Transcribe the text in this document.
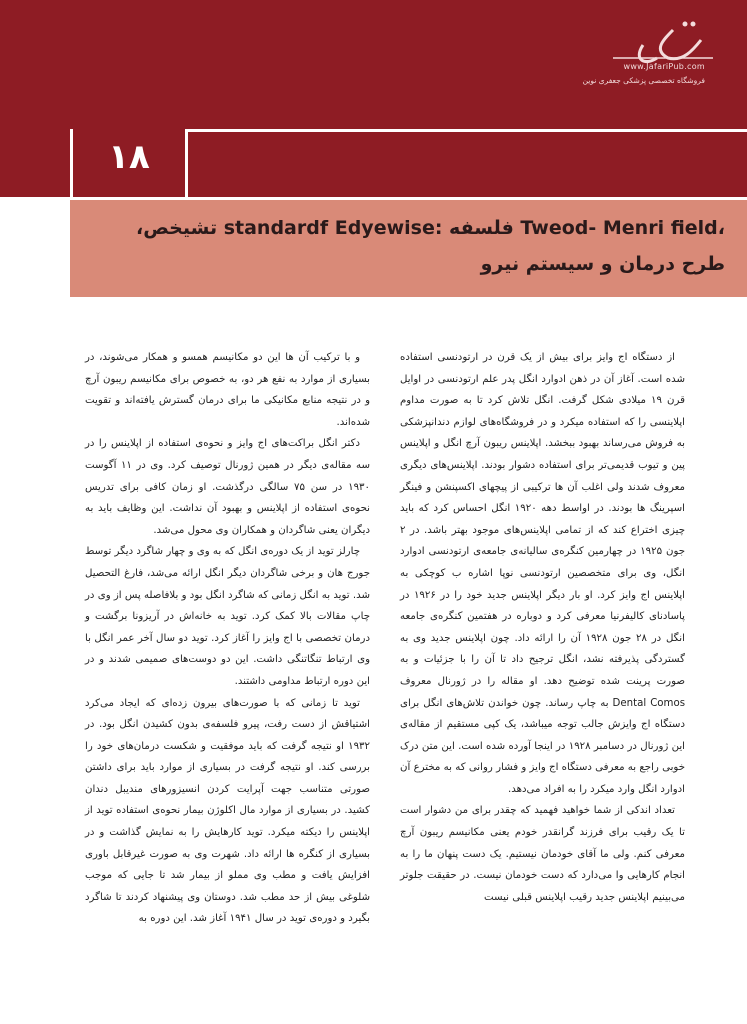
www.JafariPub.com
فروشگاه تخصصی پزشکی جعفری نوین
۱۸
،Tweod- Menri field فلسفه :standardf Edyewise تشیخص، طرح درمان و سیستم نیرو

از دستگاه اج وایز برای بیش از یک قرن در ارتودنسی استفاده شده است. آغاز آن در ذهن ادوارد انگل پدر علم ارتودنسی در اوایل قرن ۱۹ میلادی شکل گرفت. انگل تلاش کرد تا به صورت مداوم اپلاینسی را که استفاده میکرد و در فروشگاه‌های لوازم دندانپزشکی به فروش می‌رساند بهبود ببخشد. اپلاینس ریبون آرچ انگل و اپلاینس پین و تیوب قدیمی‌تر برای استفاده دشوار بودند. اپلاینس‌های دیگری معروف شدند ولی اغلب آن ها ترکیبی از پیچهای اکسپنشن و فینگر اسپرینگ ها بودند. در اواسط دهه ۱۹۲۰ انگل احساس کرد که باید چیزی اختراع کند که از تمامی اپلاینس‌های موجود بهتر باشد. در ۲ جون ۱۹۲۵ در چهارمین کنگره‌ی سالیانه‌ی جامعه‌ی ارتودنسی ادوارد انگل، وی برای متخصصین ارتودنسی نوپا اشاره ب کوچکی به اپلاینس اج وایز کرد. او بار دیگر اپلاینس جدید خود را در ۱۹۲۶ در پاسادنای کالیفرنیا معرفی کرد و دوباره در هفتمین کنگره‌ی جامعه انگل در ۲۸ جون ۱۹۲۸ آن را ارائه داد. چون اپلاینس جدید وی به گستردگی پذیرفته نشد، انگل ترجیح داد تا آن را با جزئیات و به صورت پرینت شده توضیح دهد. او مقاله را در ژورنال معروف Dental Comos به چاپ رساند. چون خواندن تلاش‌های انگل برای دستگاه اج وایزش جالب توجه میباشد، یک کپی مستقیم از مقاله‌ی این ژورنال در دسامبر ۱۹۲۸ در اینجا آورده شده است. این متن درک خوبی راجع به معرفی دستگاه اج وایز و فشار روانی که به مخترع آن ادوارد انگل وارد میکرد را به افراد می‌دهد.

تعداد اندکی از شما خواهید فهمید که چقدر برای من دشوار است تا یک رقیب برای فرزند گرانقدر خودم یعنی مکانیسم ریبون آرچ معرفی کنم. ولی ما آقای خودمان نیستیم. یک دست پنهان ما را به انجام کارهایی وا می‌دارد که دست خودمان نیست. در حقیقت جلوتر می‌بینیم اپلاینس جدید رقیب اپلاینس قبلی نیست

و با ترکیب آن ها این دو مکانیسم همسو و همکار می‌شوند، در بسیاری از موارد به نفع هر دو، به خصوص برای مکانیسم ریبون آرچ و در نتیجه منابع مکانیکی ما برای درمان گسترش یافته‌اند و تقویت شده‌اند.

دکتر انگل براکت‌های اج وایز و نحوه‌ی استفاده از اپلاینس را در سه مقاله‌ی دیگر در همین ژورنال توصیف کرد. وی در ۱۱ آگوست ۱۹۳۰ در سن ۷۵ سالگی درگذشت. او زمان کافی برای تدریس نحوه‌ی استفاده از اپلاینس و بهبود آن نداشت. این وظایف باید به دیگران یعنی شاگردان و همکاران وی محول می‌شد.

چارلز توید از یک دوره‌ی انگل که به وی و چهار شاگرد دیگر توسط جورج هان و برخی شاگردان دیگر انگل ارائه می‌شد، فارغ التحصیل شد. توید به انگل زمانی که شاگرد انگل بود و بلافاصله پس از وی در چاپ مقالات بالا کمک کرد. توید به خانه‌اش در آریزونا برگشت و درمان تخصصی با اج وایز را آغاز کرد. توید دو سال آخر عمر انگل با وی ارتباط تنگاتنگی داشت. این دو دوست‌های صمیمی شدند و در این دوره ارتباط مداومی داشتند.

توید تا زمانی که با صورت‌های بیرون زده‌ای که ایجاد می‌کرد اشتیاقش از دست رفت، پیرو فلسفه‌ی بدون کشیدن انگل بود. در ۱۹۳۲ او نتیجه گرفت که باید موفقیت و شکست درمان‌های خود را بررسی کند. او نتیجه گرفت در بسیاری از موارد باید برای داشتن صورتی متناسب جهت آپرایت کردن انسیزورهای مندیبل دندان کشید. در بسیاری از موارد مال اکلوژن بیمار نحوه‌ی استفاده توید از اپلاینس را دیکته میکرد. توید کارهایش را به نمایش گذاشت و در بسیاری از کنگره ها ارائه داد. شهرت وی به صورت غیرقابل باوری افزایش یافت و مطب وی مملو از بیمار شد تا جایی که موجب شلوغی بیش از حد مطب شد. دوستان وی پیشنهاد کردند تا شاگرد بگیرد و دوره‌ی توید در سال ۱۹۴۱ آغاز شد. این دوره به
